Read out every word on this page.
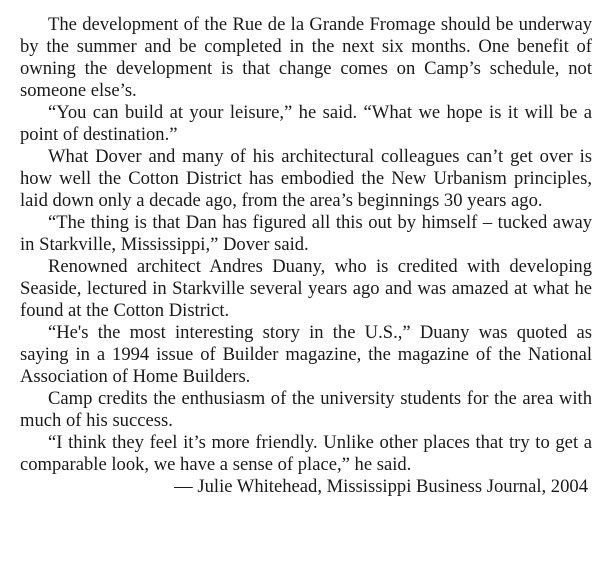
The development of the Rue de la Grande Fromage should be underway by the summer and be completed in the next six months. One benefit of owning the development is that change comes on Camp’s schedule, not someone else’s.

“You can build at your leisure,” he said. “What we hope is it will be a point of destination.”

What Dover and many of his architectural colleagues can’t get over is how well the Cotton District has embodied the New Urbanism principles, laid down only a decade ago, from the area’s beginnings 30 years ago.

“The thing is that Dan has figured all this out by himself – tucked away in Starkville, Mississippi,” Dover said.

Renowned architect Andres Duany, who is credited with developing Seaside, lectured in Starkville several years ago and was amazed at what he found at the Cotton District.

“He's the most interesting story in the U.S.,” Duany was quoted as saying in a 1994 issue of Builder magazine, the magazine of the National Association of Home Builders.

Camp credits the enthusiasm of the university students for the area with much of his success.

“I think they feel it’s more friendly. Unlike other places that try to get a comparable look, we have a sense of place,” he said.

— Julie Whitehead, Mississippi Business Journal, 2004
